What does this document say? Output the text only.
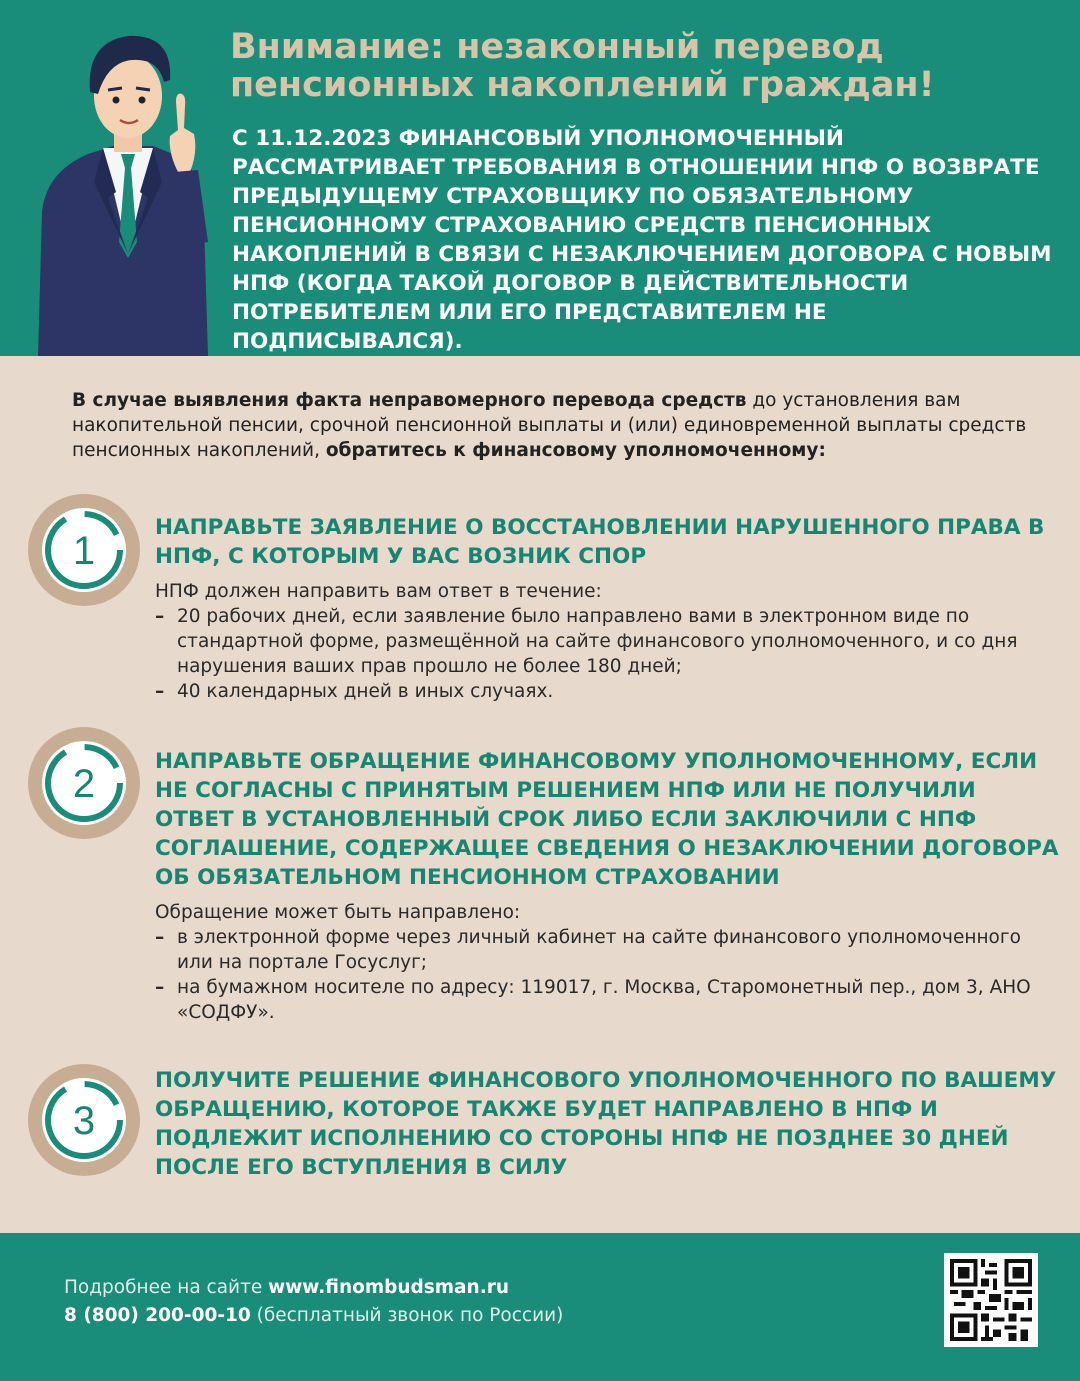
Внимание: незаконный перевод
пенсионных накоплений граждан!
С 11.12.2023 ФИНАНСОВЫЙ УПОЛНОМОЧЕННЫЙ РАССМАТРИВАЕТ ТРЕБОВАНИЯ В ОТНОШЕНИИ НПФ О ВОЗВРАТЕ ПРЕДЫДУЩЕМУ СТРАХОВЩИКУ ПО ОБЯЗАТЕЛЬНОМУ ПЕНСИОННОМУ СТРАХОВАНИЮ СРЕДСТВ ПЕНСИОННЫХ НАКОПЛЕНИЙ В СВЯЗИ С НЕЗАКЛЮЧЕНИЕМ ДОГОВОРА С НОВЫМ НПФ (КОГДА ТАКОЙ ДОГОВОР В ДЕЙСТВИТЕЛЬНОСТИ ПОТРЕБИТЕЛЕМ ИЛИ ЕГО ПРЕДСТАВИТЕЛЕМ НЕ ПОДПИСЫВАЛСЯ).
В случае выявления факта неправомерного перевода средств до установления вам накопительной пенсии, срочной пенсионной выплаты и (или) единовременной выплаты средств пенсионных накоплений, обратитесь к финансовому уполномоченному:
1
НАПРАВЬТЕ ЗАЯВЛЕНИЕ О ВОССТАНОВЛЕНИИ НАРУШЕННОГО ПРАВА В НПФ, С КОТОРЫМ У ВАС ВОЗНИК СПОР
НПФ должен направить вам ответ в течение:
– 20 рабочих дней, если заявление было направлено вами в электронном виде по стандартной форме, размещённой на сайте финансового уполномоченного, и со дня нарушения ваших прав прошло не более 180 дней;
– 40 календарных дней в иных случаях.
2
НАПРАВЬТЕ ОБРАЩЕНИЕ ФИНАНСОВОМУ УПОЛНОМОЧЕННОМУ, ЕСЛИ НЕ СОГЛАСНЫ С ПРИНЯТЫМ РЕШЕНИЕМ НПФ ИЛИ НЕ ПОЛУЧИЛИ ОТВЕТ В УСТАНОВЛЕННЫЙ СРОК ЛИБО ЕСЛИ ЗАКЛЮЧИЛИ С НПФ СОГЛАШЕНИЕ, СОДЕРЖАЩЕЕ СВЕДЕНИЯ О НЕЗАКЛЮЧЕНИИ ДОГОВОРА ОБ ОБЯЗАТЕЛЬНОМ ПЕНСИОННОМ СТРАХОВАНИИ
Обращение может быть направлено:
– в электронной форме через личный кабинет на сайте финансового уполномоченного или на портале Госуслуг;
– на бумажном носителе по адресу: 119017, г. Москва, Старомонетный пер., дом 3, АНО «СОДФУ».
3
ПОЛУЧИТЕ РЕШЕНИЕ ФИНАНСОВОГО УПОЛНОМОЧЕННОГО ПО ВАШЕМУ ОБРАЩЕНИЮ, КОТОРОЕ ТАКЖЕ БУДЕТ НАПРАВЛЕНО В НПФ И ПОДЛЕЖИТ ИСПОЛНЕНИЮ СО СТОРОНЫ НПФ НЕ ПОЗДНЕЕ 30 ДНЕЙ ПОСЛЕ ЕГО ВСТУПЛЕНИЯ В СИЛУ
Подробнее на сайте www.finombudsman.ru
8 (800) 200-00-10 (бесплатный звонок по России)
